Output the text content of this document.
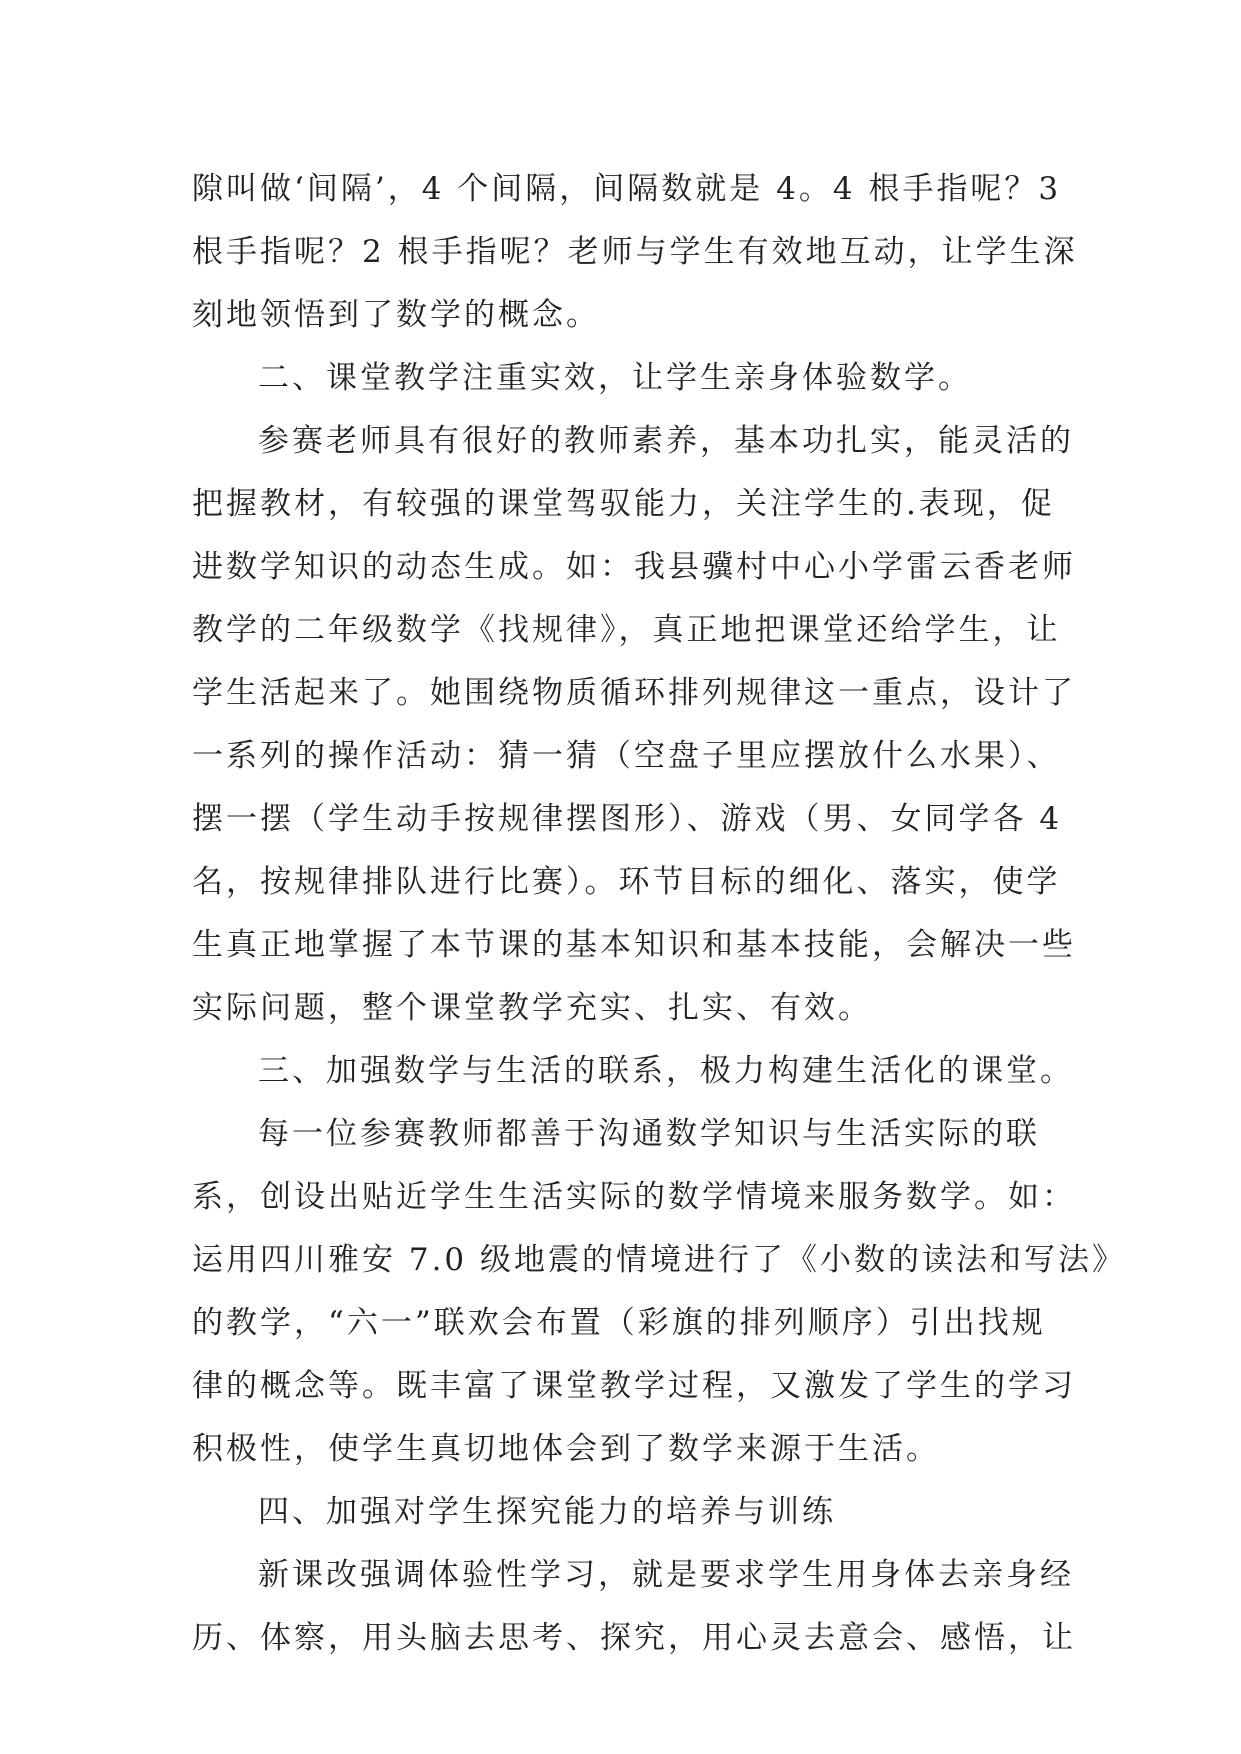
隙叫做‘间隔’，4 个间隔，间隔数就是 4。4 根手指呢？3
根手指呢？2 根手指呢？老师与学生有效地互动，让学生深
刻地领悟到了数学的概念。
二、课堂教学注重实效，让学生亲身体验数学。
参赛老师具有很好的教师素养，基本功扎实，能灵活的
把握教材，有较强的课堂驾驭能力，关注学生的.表现，促
进数学知识的动态生成。如：我县骥村中心小学雷云香老师
教学的二年级数学《找规律》，真正地把课堂还给学生，让
学生活起来了。她围绕物质循环排列规律这一重点，设计了
一系列的操作活动：猜一猜（空盘子里应摆放什么水果）、
摆一摆（学生动手按规律摆图形）、游戏（男、女同学各 4
名，按规律排队进行比赛）。环节目标的细化、落实，使学
生真正地掌握了本节课的基本知识和基本技能，会解决一些
实际问题，整个课堂教学充实、扎实、有效。
三、加强数学与生活的联系，极力构建生活化的课堂。
每一位参赛教师都善于沟通数学知识与生活实际的联
系，创设出贴近学生生活实际的数学情境来服务数学。如：
运用四川雅安 7.0 级地震的情境进行了《小数的读法和写法》
的教学，“六一”联欢会布置（彩旗的排列顺序）引出找规
律的概念等。既丰富了课堂教学过程，又激发了学生的学习
积极性，使学生真切地体会到了数学来源于生活。
四、加强对学生探究能力的培养与训练
新课改强调体验性学习，就是要求学生用身体去亲身经
历、体察，用头脑去思考、探究，用心灵去意会、感悟，让
